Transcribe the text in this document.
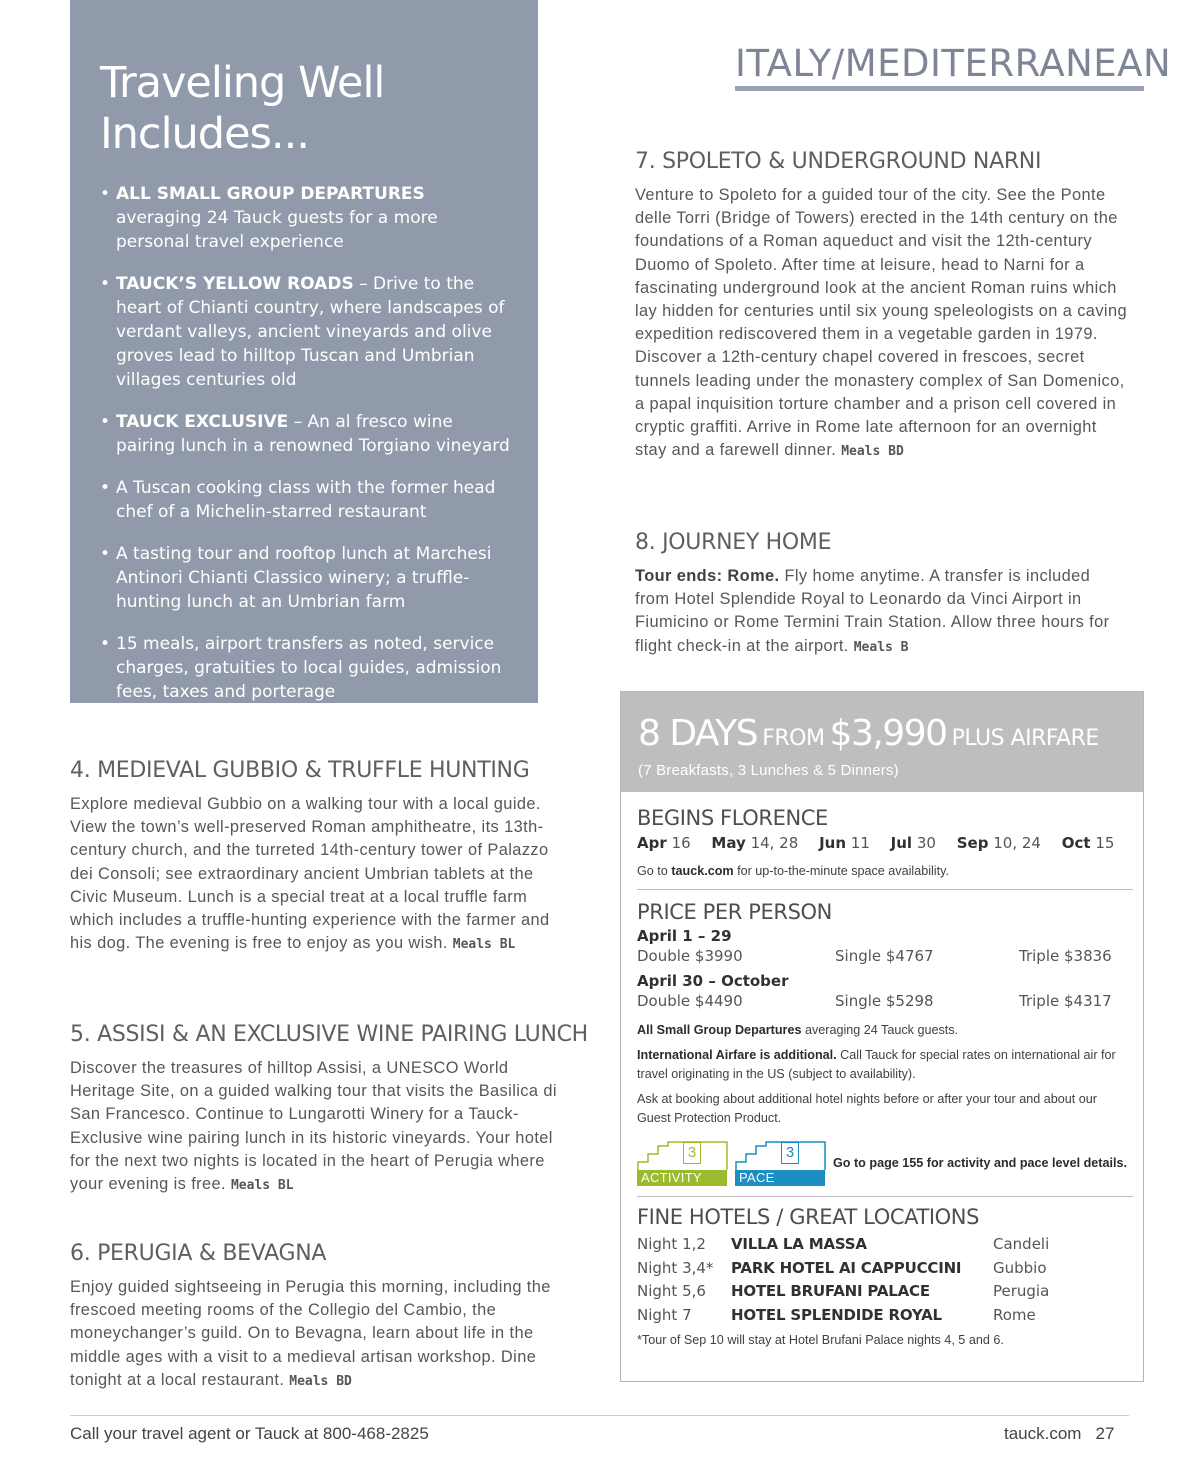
Traveling Well
Includes...
• ALL SMALL GROUP DEPARTURES averaging 24 Tauck guests for a more personal travel experience
• TAUCK’S YELLOW ROADS – Drive to the heart of Chianti country, where landscapes of verdant valleys, ancient vineyards and olive groves lead to hilltop Tuscan and Umbrian villages centuries old
• TAUCK EXCLUSIVE – An al fresco wine pairing lunch in a renowned Torgiano vineyard
• A Tuscan cooking class with the former head chef of a Michelin-starred restaurant
• A tasting tour and rooftop lunch at Marchesi Antinori Chianti Classico winery; a truffle-hunting lunch at an Umbrian farm
• 15 meals, airport transfers as noted, service charges, gratuities to local guides, admission fees, taxes and porterage
ITALY/MEDITERRANEAN
4. MEDIEVAL GUBBIO & TRUFFLE HUNTING

Explore medieval Gubbio on a walking tour with a local guide. View the town’s well-preserved Roman amphitheatre, its 13th-century church, and the turreted 14th-century tower of Palazzo dei Consoli; see extraordinary ancient Umbrian tablets at the Civic Museum. Lunch is a special treat at a local truffle farm which includes a truffle-hunting experience with the farmer and his dog. The evening is free to enjoy as you wish. Meals BL

5. ASSISI & AN EXCLUSIVE WINE PAIRING LUNCH

Discover the treasures of hilltop Assisi, a UNESCO World Heritage Site, on a guided walking tour that visits the Basilica di San Francesco. Continue to Lungarotti Winery for a Tauck-Exclusive wine pairing lunch in its historic vineyards. Your hotel for the next two nights is located in the heart of Perugia where your evening is free. Meals BL

6. PERUGIA & BEVAGNA

Enjoy guided sightseeing in Perugia this morning, including the frescoed meeting rooms of the Collegio del Cambio, the moneychanger’s guild. On to Bevagna, learn about life in the middle ages with a visit to a medieval artisan workshop. Dine tonight at a local restaurant. Meals BD

7. SPOLETO & UNDERGROUND NARNI

Venture to Spoleto for a guided tour of the city. See the Ponte delle Torri (Bridge of Towers) erected in the 14th century on the foundations of a Roman aqueduct and visit the 12th-century Duomo of Spoleto. After time at leisure, head to Narni for a fascinating underground look at the ancient Roman ruins which lay hidden for centuries until six young speleologists on a caving expedition rediscovered them in a vegetable garden in 1979. Discover a 12th-century chapel covered in frescoes, secret tunnels leading under the monastery complex of San Domenico, a papal inquisition torture chamber and a prison cell covered in cryptic graffiti. Arrive in Rome late afternoon for an overnight stay and a farewell dinner. Meals BD

8. JOURNEY HOME

Tour ends: Rome. Fly home anytime. A transfer is included from Hotel Splendide Royal to Leonardo da Vinci Airport in Fiumicino or Rome Termini Train Station. Allow three hours for flight check-in at the airport. Meals B

8 DAYS FROM $3,990 PLUS AIRFARE
(7 Breakfasts, 3 Lunches & 5 Dinners)
BEGINS FLORENCE
Apr 16 May 14, 28 Jun 11 Jul 30 Sep 10, 24 Oct 15
Go to tauck.com for up-to-the-minute space availability.
PRICE PER PERSON
April 1 – 29
Double $3990	Single $4767	Triple $3836
April 30 – October
Double $4490	Single $5298	Triple $4317
All Small Group Departures averaging 24 Tauck guests.
International Airfare is additional. Call Tauck for special rates on international air for travel originating in the US (subject to availability).
Ask at booking about additional hotel nights before or after your tour and about our Guest Protection Product.
3
ACTIVITY
3
PACE
Go to page 155 for activity and pace level details.
FINE HOTELS / GREAT LOCATIONS
Night 1,2	VILLA LA MASSA	Candeli
Night 3,4*	PARK HOTEL AI CAPPUCCINI	Gubbio
Night 5,6	HOTEL BRUFANI PALACE	Perugia
Night 7	HOTEL SPLENDIDE ROYAL	Rome
*Tour of Sep 10 will stay at Hotel Brufani Palace nights 4, 5 and 6.
Call your travel agent or Tauck at 800-468-2825	tauck.com 27
